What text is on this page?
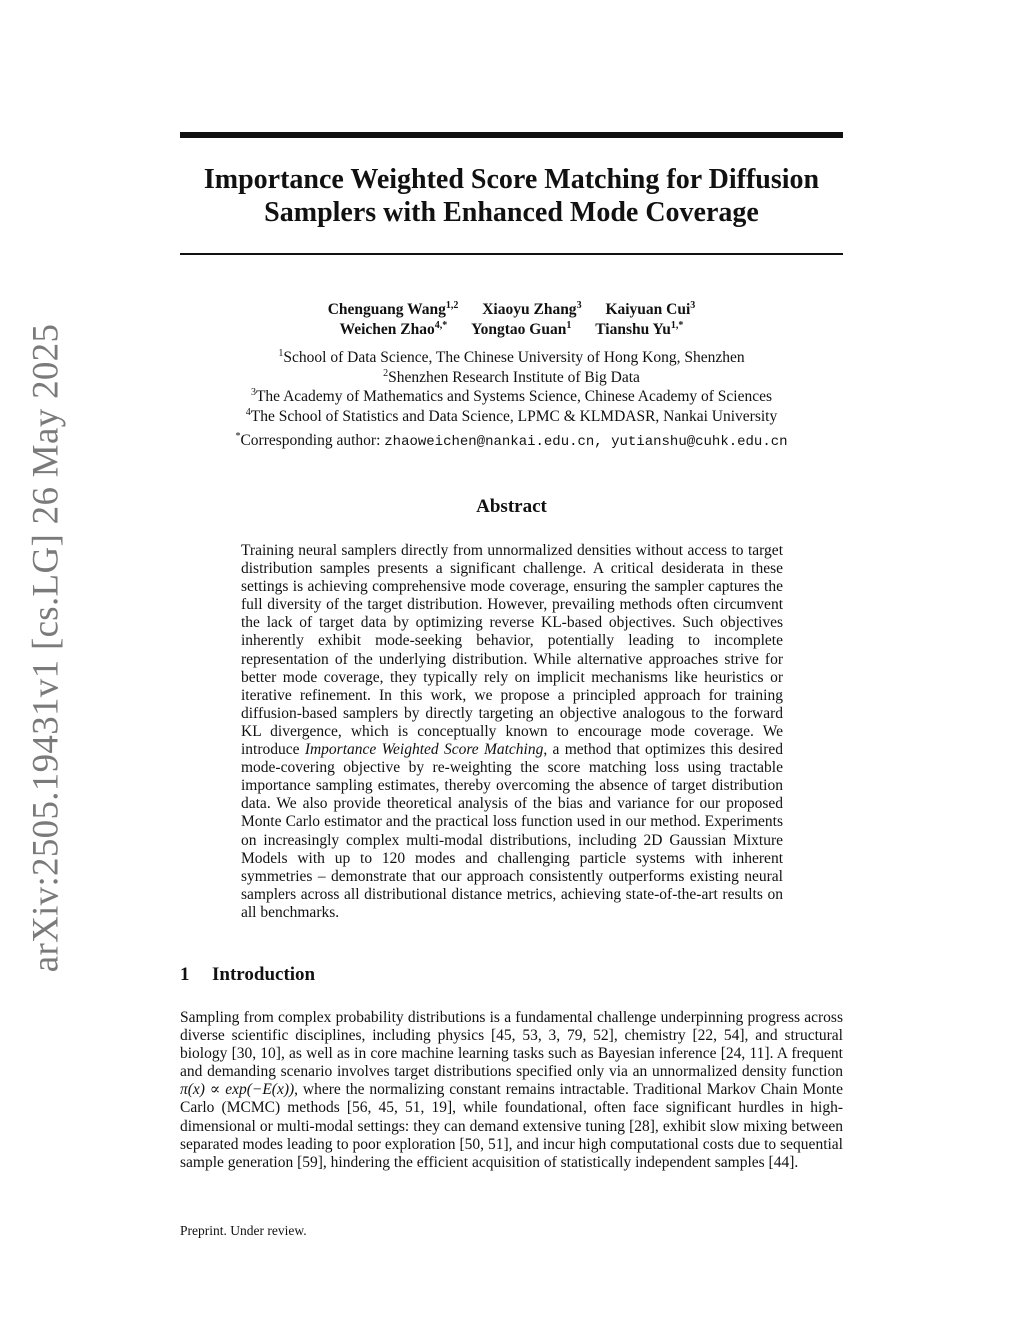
arXiv:2505.19431v1 [cs.LG] 26 May 2025
Importance Weighted Score Matching for Diffusion
Samplers with Enhanced Mode Coverage
Chenguang Wang$^{1,2}$ Xiaoyu Zhang$^3$ Kaiyuan Cui$^3$
Weichen Zhao$^{4,*}$ Yongtao Guan$^1$ Tianshu $Yu^{1,*}$
$^1$School of Data Science, The Chinese University of Hong Kong, Shenzhen
$^2$Shenzhen Research Institute of Big Data
$^3$The Academy of Mathematics and Systems Science, Chinese Academy of Sciences
$^4$The School of Statistics and Data Science, LPMC & KLMDASR, Nankai University
*Corresponding author: zhaoweichen@nankai.edu.cn, yutianshu@cuhk.edu.cn
Abstract
Training neural samplers directly from unnormalized densities without access to target distribution samples presents a significant challenge. A critical desiderata in these settings is achieving comprehensive mode coverage, ensuring the sampler captures the full diversity of the target distribution. However, prevailing methods often circumvent the lack of target data by optimizing reverse KL-based objectives. Such objectives inherently exhibit mode-seeking behavior, potentially leading to incomplete representation of the underlying distribution. While alternative approaches strive for better mode coverage, they typically rely on implicit mechanisms like heuristics or iterative refinement. In this work, we propose a principled approach for training diffusion-based samplers by directly targeting an objective analogous to the forward KL divergence, which is conceptually known to encourage mode coverage. We introduce Importance Weighted Score Matching, a method that optimizes this desired mode-covering objective by re-weighting the score matching loss using tractable importance sampling estimates, thereby overcoming the absence of target distribution data. We also provide theoretical analysis of the bias and variance for our proposed Monte Carlo estimator and the practical loss function used in our method. Experiments on increasingly complex multi-modal distributions, including 2D Gaussian Mixture Models with up to 120 modes and challenging particle systems with inherent symmetries – demonstrate that our approach consistently outperforms existing neural samplers across all distributional distance metrics, achieving state-of-the-art results on all benchmarks.
1 Introduction
Sampling from complex probability distributions is a fundamental challenge underpinning progress across diverse scientific disciplines, including physics [45, 53, 3, 79, 52], chemistry [22, 54], and structural biology [30, 10], as well as in core machine learning tasks such as Bayesian inference [24, 11]. A frequent and demanding scenario involves target distributions specified only via an unnormalized density function π(x) ∝ exp(−E(x)), where the normalizing constant remains intractable. Traditional Markov Chain Monte Carlo (MCMC) methods [56, 45, 51, 19], while foundational, often face significant hurdles in high-dimensional or multi-modal settings: they can demand extensive tuning [28], exhibit slow mixing between separated modes leading to poor exploration [50, 51], and incur high computational costs due to sequential sample generation [59], hindering the efficient acquisition of statistically independent samples [44].
Preprint. Under review.
